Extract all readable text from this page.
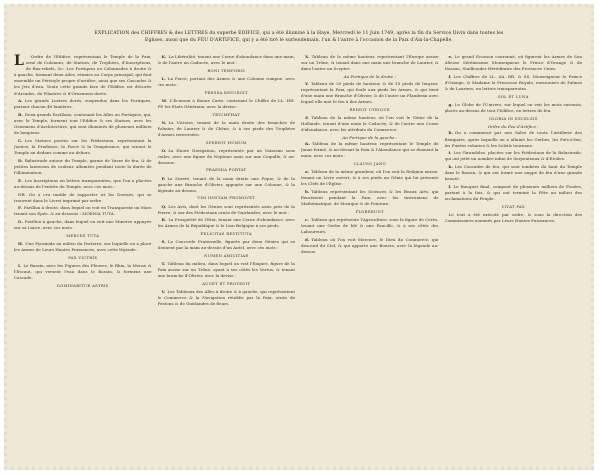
EXPLICATION des CHIFFRES & des LETTRES du superbe EDIFICE, qui a été illuminé à la Haye, Mercredi le 11 Juin 1749, après la fin du Service Divin dans toutes les
Eglises, aussi que du FEU D'ARTIFICE, qui y a été tiré le surlendemain, l'un & l'autre à l'occasion de la Paix d'Aix-la-Chapelle.
L	'Ordre de l'Edifice, représentant le Temple de la Paix, orné de Colonnes, de Statues, de Trophées, d'Inscriptions, de Bas-reliefs, &c. Les Portiques ou Colonnades à droite & à gauche, formant deux Ailes, réunies au Corps principal, qui font ensemble un Péristyle propre d'artifice, ainsi que ses Cascades & les Jets d'eau. Toute cette grande face de l'Edifice est décorée d'Arcades, de Pilastres & d'Ornemens dorés.

A. Les grands Lustres dorés, suspendus dans les Portiques, portant chacun 48 lumières.

B. Deux grands Pavillons, contenant les Alles ou Portiques, qui, avec le Temple, forment tout l'Edifice & ses Statues, avec les Ornemens d'Architecture, qui sont illuminés de plusieurs milliers de lampions.

C. Les Statues posées sur les Piédestaux, représentant la Justice, la Prudence, la Force & la Tempérance, qui ornent le Temple au dedans comme au dehors.

D. Balustrade autour du Temple, garnie de Vases de feu, & de petites lanternes de couleur, allumées pendant toute la durée de l'illumination.

E. Les Inscriptions en lettres transparentes, que l'on a placées au-dessus de l'entrée du Temple, avec ces mots :

NB. On a cru inutile de rapporter ici les Devises, qui se trouvent dans le Livret imprimé par ordre.

F. Pavillon à droite, dans lequel on voit en Transparent un Mars tenant son Epée, & au-dessous : MOENIA TUTA.

G. Pavillon à gauche, dans lequel on voit une Minerve appuyée sur sa Lance, avec ces mots :

MERCES TUTA

H. Une Pyramide au milieu du Parterre, sur laquelle on a placé les Armes de Leurs Hautes Puissances, avec cette légende :

PAX VICTRIX

I. Le Bassin, avec les Figures des Fleuves, le Rhin, la Meuse & l'Escaut, qui versent l'eau dans le Bassin, & forment une Cascade.

DOMINABITUR ASTRIS

K. La Libéralité, tenant une Corne d'abondance dans une main, & de l'autre un Caducée, avec le mot :

BONI TEMPORIS

L. La Force, portant des Armes & une Colonne rompue, avec ces mots :

PRESSA RESURGIT

M. L'Ecusson à Bonne Carte, contenant le Chiffre de LL. HH. PP. les Etats Généraux, avec la devise :

TRIUMPHAT

N. La Victoire, tenant de la main droite des branches de Palmier, de Laurier & de Chêne, & à ses pieds des Trophées d'Armes renversées.

SPERNIT HUMUM

O. La Haute Navigation, représentée par un Vaisseau sous voiles, avec une figure de Neptune assis sur une Coquille, & au-dessous :

PRAEMIA PORTAT

P. La Sureté, tenant de la main droite une Pique, & de la gauche une Branche d'Olivier, appuyée sur une Colonne, & la légende au-dessus.

VIM INSITAM PROMOVET

Q. Les Arts, dont les Génies sont représentés assis près de la Pierre, & sur des Piédestaux ornés de Guirlandes, avec le mot :

R. La Prospérité de l'Etat, tenant une Corne d'abondance, avec les Armes de la République & le Lion Belgique à ses pieds.

FELICITAS RESTITUTA

S. La Concorde Fraternelle, figurée par deux Génies qui se tiennent par la main au-dessus d'un Autel, avec ces mots :

NUMEN AMICITIAE

T. Tableau du milieu, dans lequel on voit l'Empire, figure de la Paix assise sur un Trône, ayant à ses côtés les Vertus, & tenant une branche d'Olivier, avec la devise :

AUGET ET PROTEGIT

V. Les Tableaux des Aîles à droite & à gauche, qui représentent le Commerce & la Navigation rétablis par la Paix, ornés de Festons & de Guirlandes de fleurs.

X. Tableau de la même hauteur, représentant l'Europe assise sur un Trône, & tenant dans une main une branche de Laurier, & dans l'autre un Sceptre.

Au Portique de la droite :

Y. Tableau de 20 pieds de hauteur, & de 15 pieds de largeur, représentant la Paix, qui foule aux pieds les Armes, & qui tient d'une main une Branche d'Olivier, & de l'autre un Flambeau avec lequel elle met le feu à des Armes.

REDDIT UTRIQUE

Z. Tableau de la même hauteur, où l'on voit le Génie de la Hollande, tenant d'une main le Caducée, & de l'autre une Corne d'abondance, avec les attributs du Commerce.

Au Portique de la gauche :

&. Tableau de la même hauteur, représentant le Temple de Janus fermé, & au-devant la Paix & l'Abondance qui se donnent la main, avec ces mots :

CLAUSO JANO

a. Tableau de la même grandeur, où l'on voit la Religion assise, tenant un Livre ouvert, & à ses pieds un Génie qui lui présente les Clefs de l'Eglise.

b. Tableau représentant les Sciences & les Beaux Arts, qui fleurissent pendant la Paix, avec les instrumens de Mathématique, de Musique & de Peinture.

FLOREBUNT

c. Tableau qui représente l'Agriculture, sous la figure de Cérès, tenant une Gerbe de blé & une Faucille, & à ses côtés des Laboureurs.

d. Tableau où l'on voit Mercure, le Dieu du Commerce, qui descend du Ciel, & qui apporte une Bourse, avec la légende au-dessus.

e. Le grand Ecusson couronné, où figurent les Armes de Son Altesse Sérénissime Monseigneur le Prince d'Orange & de Nassau, Stadhouder Héréditaire des Provinces Unies.

f. Les Chiffres de LL. AA. RR. & SS. Monseigneur le Prince d'Orange, & Madame la Princesse Royale, environnés de Palmes & de Lauriers, en lettres transparentes.

SOL ET LUNA

g. Le Globe de l'Univers, sur lequel on voit les mots suivants, placés au-dessus de tout l'Edifice, en lettres de feu.

GLORIA IN EXCELSIS

Ordre du Feu d'Artifice :

h. On a commencé par une Salve de toute l'Artillerie des Remparts, après laquelle on a allumé les Gerbes, les Pots-à-feu, les Fusées volantes & les Soleils tournans.

i. Les Girandoles, placées sur les Piédestaux de la Balustrade, qui ont jetté un nombre infini de Serpenteaux & d'Etoiles.

k. Les Cascades de feu, qui sont tombées du haut du Temple dans le Bassin, & qui ont formé une nappe de feu d'une grande beauté.

l. Le Bouquet final, composé de plusieurs milliers de Fusées, partant à la fois, & qui ont terminé la Fête au milieu des acclamations du Peuple.

VIVAT PAX

Le tout a été exécuté par ordre, & sous la direction des Commissaires nommés par Leurs Hautes Puissances.
